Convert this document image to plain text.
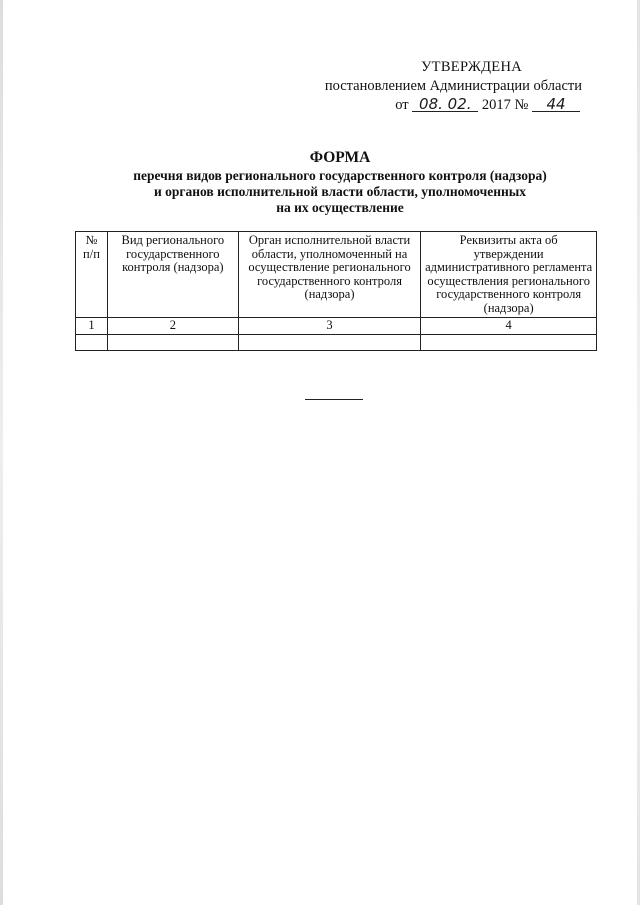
УТВЕРЖДЕНА
постановлением Администрации области
от 08. 02. 2017 № 44
ФОРМА
перечня видов регионального государственного контроля (надзора)
и органов исполнительной власти области, уполномоченных
на их осуществление
№ п/п	Вид регионального государственного контроля (надзора)	Орган исполнительной власти области, уполномоченный на осуществление регионального государственного контроля (надзора)	Реквизиты акта об утверждении административного регламента осуществления регионального государственного контроля (надзора)
1	2	3	4
